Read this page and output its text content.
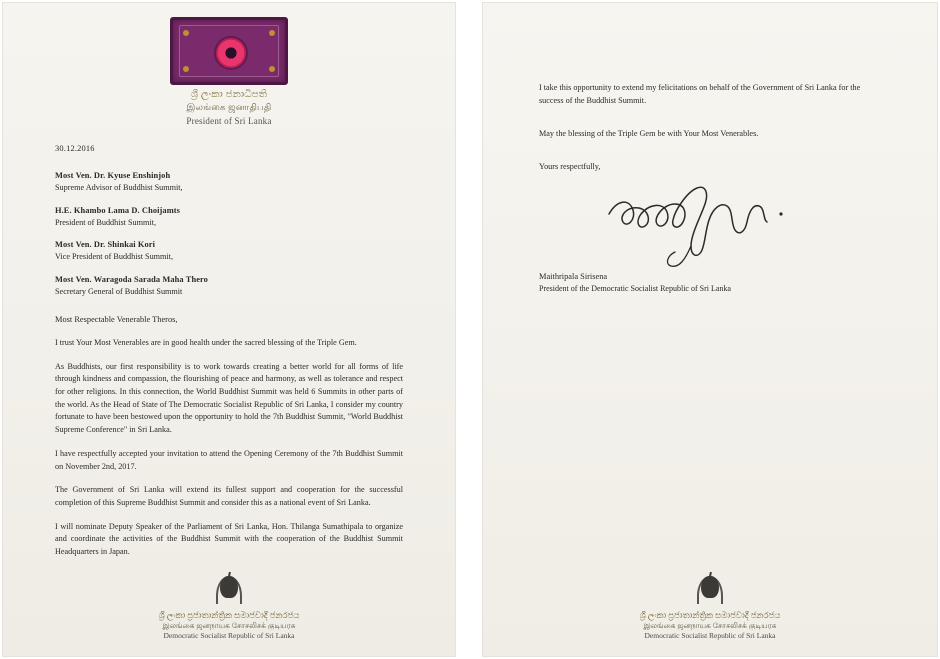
ශ්‍රී ලංකා ජනාධිපති
இலங்கை ஜனாதிபதி
President of Sri Lanka
30.12.2016
Most Ven. Dr. Kyuse Enshinjoh
Supreme Advisor of Buddhist Summit,
H.E. Khambo Lama D. Choijamts
President of Buddhist Summit,
Most Ven. Dr. Shinkai Kori
Vice President of Buddhist Summit,
Most Ven. Waragoda Sarada Maha Thero
Secretary General of Buddhist Summit
Most Respectable Venerable Theros,
I trust Your Most Venerables are in good health under the sacred blessing of the Triple Gem.
As Buddhists, our first responsibility is to work towards creating a better world for all forms of life through kindness and compassion, the flourishing of peace and harmony, as well as tolerance and respect for other religions. In this connection, the World Buddhist Summit was held 6 Summits in other parts of the world. As the Head of State of The Democratic Socialist Republic of Sri Lanka, I consider my country fortunate to have been bestowed upon the opportunity to hold the 7th Buddhist Summit, "World Buddhist Supreme Conference" in Sri Lanka.
I have respectfully accepted your invitation to attend the Opening Ceremony of the 7th Buddhist Summit on November 2nd, 2017.
The Government of Sri Lanka will extend its fullest support and cooperation for the successful completion of this Supreme Buddhist Summit and consider this as a national event of Sri Lanka.
I will nominate Deputy Speaker of the Parliament of Sri Lanka, Hon. Thilanga Sumathipala to organize and coordinate the activities of the Buddhist Summit with the cooperation of the Buddhist Summit Headquarters in Japan.
ශ්‍රී ලංකා ප්‍රජාතාන්ත්‍රික සමාජවාදී ජනරජය
இலங்கை ஜனநாயக சோசலிசக் குடியரசு
Democratic Socialist Republic of Sri Lanka
I take this opportunity to extend my felicitations on behalf of the Government of Sri Lanka for the success of the Buddhist Summit.
May the blessing of the Triple Gem be with Your Most Venerables.
Yours respectfully,
Maithripala Sirisena
President of the Democratic Socialist Republic of Sri Lanka
ශ්‍රී ලංකා ප්‍රජාතාන්ත්‍රික සමාජවාදී ජනරජය
இலங்கை ஜனநாயக சோசலிசக் குடியரசு
Democratic Socialist Republic of Sri Lanka
